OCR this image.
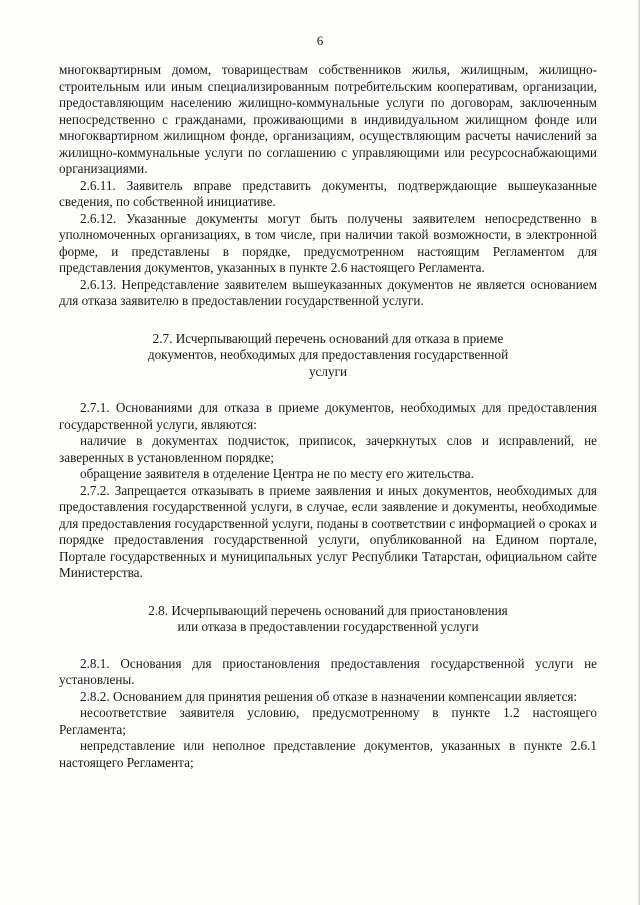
6

многоквартирным домом, товариществам собственников жилья, жилищным, жилищно-строительным или иным специализированным потребительским кооперативам, организации, предоставляющим населению жилищно-коммунальные услуги по договорам, заключенным непосредственно с гражданами, проживающими в индивидуальном жилищном фонде или многоквартирном жилищном фонде, организациям, осуществляющим расчеты начислений за жилищно-коммунальные услуги по соглашению с управляющими или ресурсоснабжающими организациями.

2.6.11. Заявитель вправе представить документы, подтверждающие вышеуказанные сведения, по собственной инициативе.

2.6.12. Указанные документы могут быть получены заявителем непосредственно в уполномоченных организациях, в том числе, при наличии такой возможности, в электронной форме, и представлены в порядке, предусмотренном настоящим Регламентом для представления документов, указанных в пункте 2.6 настоящего Регламента.

2.6.13. Непредставление заявителем вышеуказанных документов не является основанием для отказа заявителю в предоставлении государственной услуги.

2.7. Исчерпывающий перечень оснований для отказа в приеме
документов, необходимых для предоставления государственной
услуги

2.7.1. Основаниями для отказа в приеме документов, необходимых для предоставления государственной услуги, являются:

наличие в документах подчисток, приписок, зачеркнутых слов и исправлений, не заверенных в установленном порядке;

обращение заявителя в отделение Центра не по месту его жительства.

2.7.2. Запрещается отказывать в приеме заявления и иных документов, необходимых для предоставления государственной услуги, в случае, если заявление и документы, необходимые для предоставления государственной услуги, поданы в соответствии с информацией о сроках и порядке предоставления государственной услуги, опубликованной на Едином портале, Портале государственных и муниципальных услуг Республики Татарстан, официальном сайте Министерства.

2.8. Исчерпывающий перечень оснований для приостановления
или отказа в предоставлении государственной услуги

2.8.1. Основания для приостановления предоставления государственной услуги не установлены.

2.8.2. Основанием для принятия решения об отказе в назначении компенсации является:

несоответствие заявителя условию, предусмотренному в пункте 1.2 настоящего Регламента;

непредставление или неполное представление документов, указанных в пункте 2.6.1 настоящего Регламента;
